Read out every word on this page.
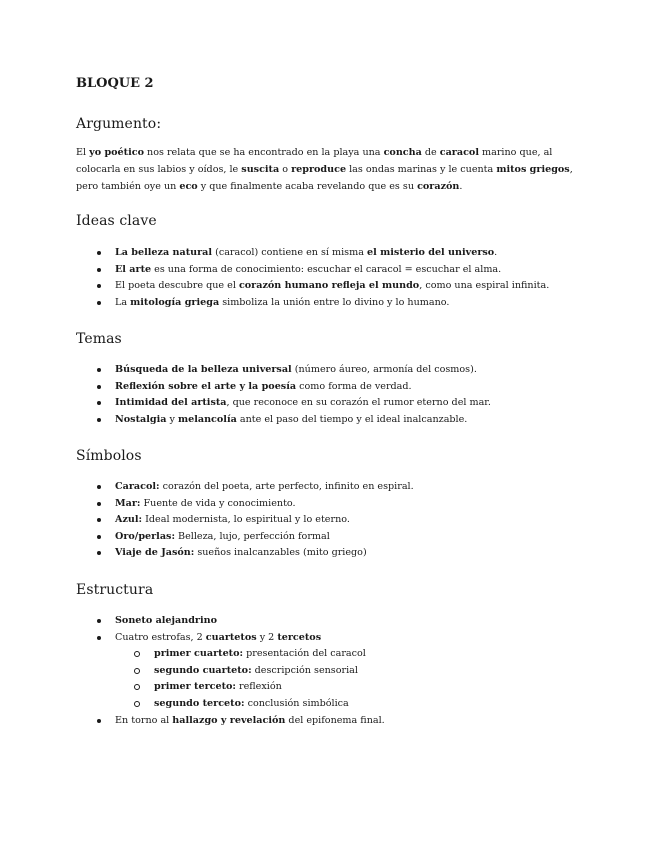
BLOQUE 2
Argumento:

El yo poético nos relata que se ha encontrado en la playa una concha de caracol marino que, al colocarla en sus labios y oídos, le suscita o reproduce las ondas marinas y le cuenta mitos griegos, pero también oye un eco y que finalmente acaba revelando que es su corazón.

Ideas clave
La belleza natural (caracol) contiene en sí misma el misterio del universo.
El arte es una forma de conocimiento: escuchar el caracol = escuchar el alma.
El poeta descubre que el corazón humano refleja el mundo, como una espiral infinita.
La mitología griega simboliza la unión entre lo divino y lo humano.
Temas
Búsqueda de la belleza universal (número áureo, armonía del cosmos).
Reflexión sobre el arte y la poesía como forma de verdad.
Intimidad del artista, que reconoce en su corazón el rumor eterno del mar.
Nostalgia y melancolía ante el paso del tiempo y el ideal inalcanzable.
Símbolos
Caracol: corazón del poeta, arte perfecto, infinito en espiral.
Mar: Fuente de vida y conocimiento.
Azul: Ideal modernista, lo espiritual y lo eterno.
Oro/perlas: Belleza, lujo, perfección formal
Viaje de Jasón: sueños inalcanzables (mito griego)
Estructura
Soneto alejandrino
Cuatro estrofas, 2 cuartetos y 2 tercetos
primer cuarteto: presentación del caracol
segundo cuarteto: descripción sensorial
primer terceto: reflexión
segundo terceto: conclusión simbólica
En torno al hallazgo y revelación del epifonema final.
